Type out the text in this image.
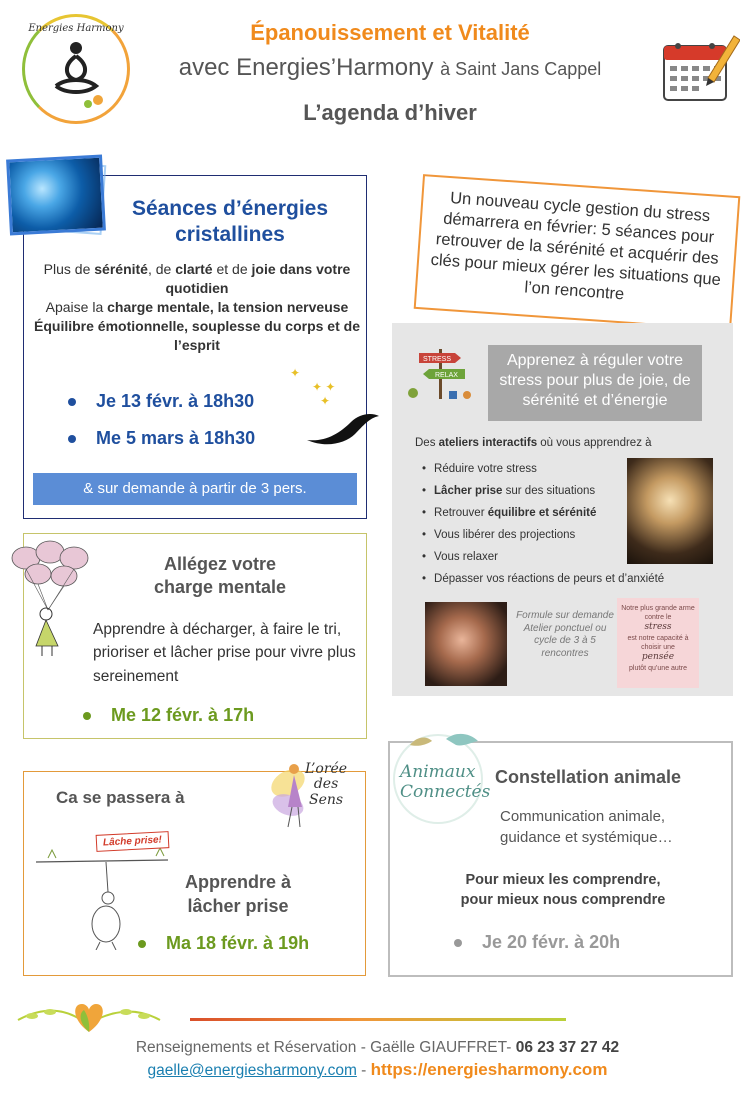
Energies Harmony	Épanouissement et Vitalité
avec Energies’Harmony à Saint Jans Cappel
L’agenda d’hiver
Séances d’énergies
cristallines
Plus de sérénité, de clarté et de joie dans votre quotidien
Apaise la charge mentale, la tension nerveuse
Équilibre émotionnelle, souplesse du corps et de l’esprit
✦
✦ ✦
✦
Je 13 févr. à 18h30
Me 5 mars à 18h30
& sur demande à partir de 3 pers.
Un nouveau cycle gestion du stress démarrera en février: 5 séances pour retrouver de la sérénité et acquérir des clés pour mieux gérer les situations que l’on rencontre
STRESS
RELAX
Apprenez à réguler votre stress pour plus de joie, de sérénité et d’énergie
Des ateliers interactifs où vous apprendrez à
• Réduire votre stress
• Lâcher prise sur des situations
• Retrouver équilibre et sérénité
• Vous libérer des projections
• Vous relaxer
• Dépasser vos réactions de peurs et d’anxiété
Formule sur demande Atelier ponctuel ou cycle de 3 à 5 rencontres
Notre plus grande arme contre le
stress
est notre capacité à choisir une
pensée
plutôt qu’une autre
Allégez votre
charge mentale
Apprendre à décharger, à faire le tri, prioriser et lâcher prise pour vivre plus sereinement
Me 12 févr. à 17h
Ca se passera à
L’orée
des
Sens
Lâche prise!
Apprendre à
lâcher prise
Ma 18 févr. à 19h
Animaux
Connectés
Constellation animale
Communication animale,
guidance et systémique…
Pour mieux les comprendre,
pour mieux nous comprendre
Je 20 févr. à 20h
Renseignements et Réservation - Gaëlle GIAUFFRET- 06 23 37 27 42
gaelle@energiesharmony.com - https://energiesharmony.com
